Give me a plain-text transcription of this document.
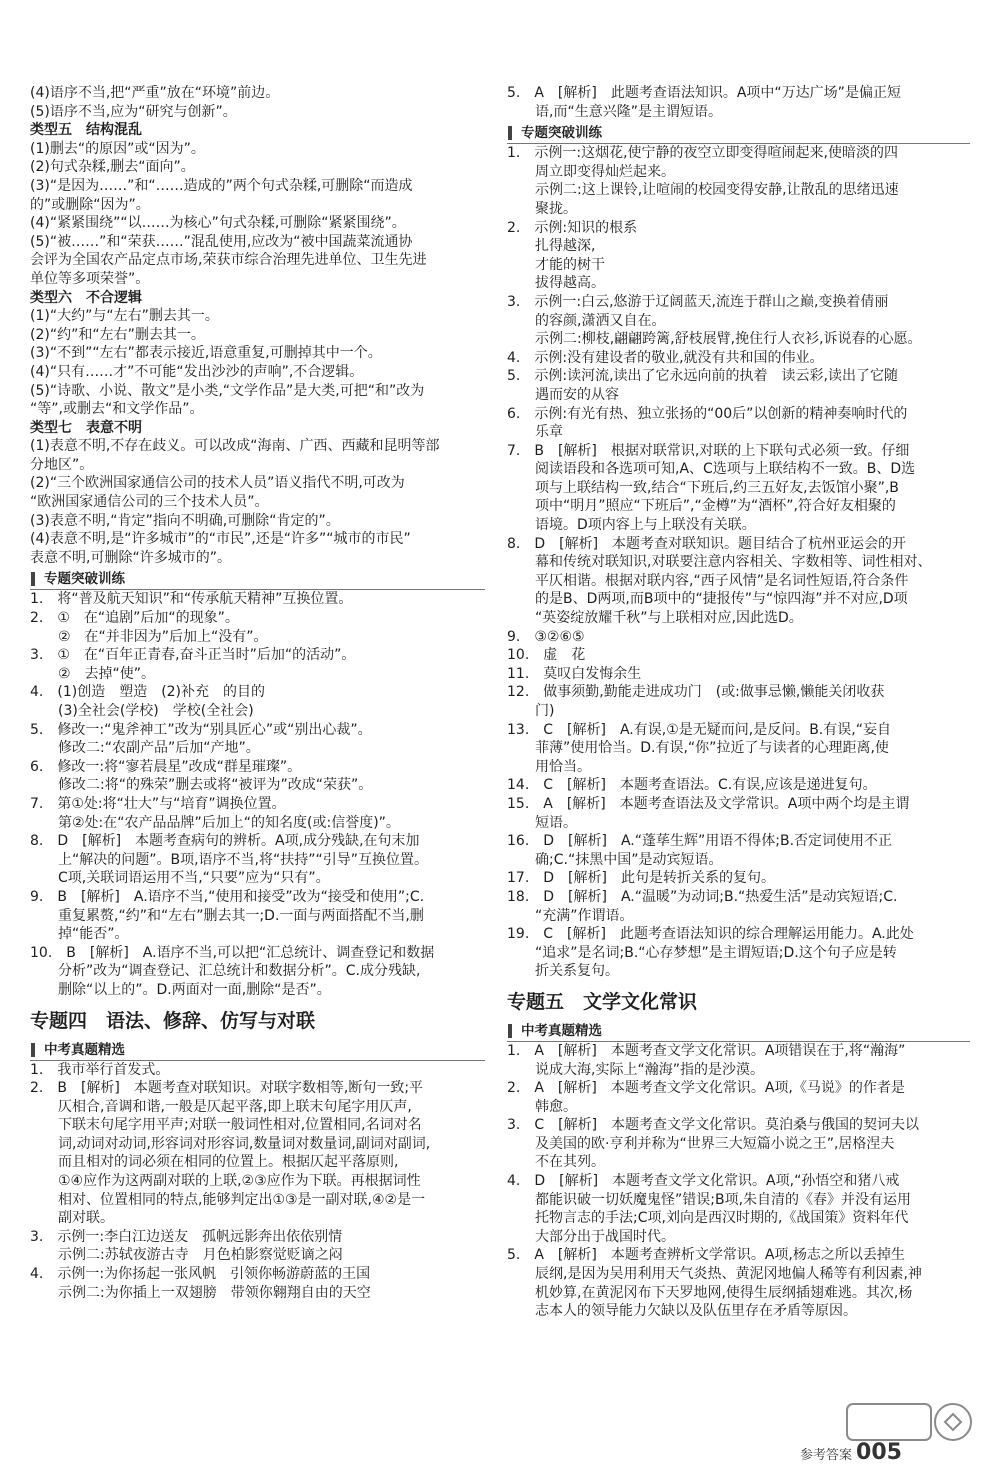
(4)语序不当,把“严重”放在“环境”前边。
(5)语序不当,应为“研究与创新”。
类型五　结构混乱
(1)删去“的原因”或“因为”。
(2)句式杂糅,删去“面向”。
(3)“是因为……”和“……造成的”两个句式杂糅,可删除“而造成
的”或删除“因为”。
(4)“紧紧围绕”“以……为核心”句式杂糅,可删除“紧紧围绕”。
(5)“被……”和“荣获……”混乱使用,应改为“被中国蔬菜流通协
会评为全国农产品定点市场,荣获市综合治理先进单位、卫生先进
单位等多项荣誉”。
类型六　不合逻辑
(1)“大约”与“左右”删去其一。
(2)“约”和“左右”删去其一。
(3)“不到”“左右”都表示接近,语意重复,可删掉其中一个。
(4)“只有……才”不可能“发出沙沙的声响”,不合逻辑。
(5)“诗歌、小说、散文”是小类,“文学作品”是大类,可把“和”改为
“等”,或删去“和文学作品”。
类型七　表意不明
(1)表意不明,不存在歧义。可以改成“海南、广西、西藏和昆明等部
分地区”。
(2)“三个欧洲国家通信公司的技术人员”语义指代不明,可改为
“欧洲国家通信公司的三个技术人员”。
(3)表意不明,“肯定”指向不明确,可删除“肯定的”。
(4)表意不明,是“许多城市”的“市民”,还是“许多”“城市的市民”
表意不明,可删除“许多城市的”。
专题突破训练
1.　将“普及航天知识”和“传承航天精神”互换位置。
2.　①　在“追剧”后加“的现象”。
　　②　在“并非因为”后加上“没有”。
3.　①　在“百年正青春,奋斗正当时”后加“的活动”。
　　②　去掉“使”。
4.　(1)创造　塑造　(2)补充　的目的
　　(3)全社会(学校)　学校(全社会)
5.　修改一:“鬼斧神工”改为“别具匠心”或“别出心裁”。
　　修改二:“农副产品”后加“产地”。
6.　修改一:将“寥若晨星”改成“群星璀璨”。
　　修改二:将“的殊荣”删去或将“被评为”改成“荣获”。
7.　第①处:将“壮大”与“培育”调换位置。
　　第②处:在“农产品品牌”后加上“的知名度(或:信誉度)”。
8.　D　[解析]　本题考查病句的辨析。A项,成分残缺,在句末加
　　上“解决的问题”。B项,语序不当,将“扶持”“引导”互换位置。
　　C项,关联词语运用不当,“只要”应为“只有”。
9.　B　[解析]　A.语序不当,“使用和接受”改为“接受和使用”;C.
　　重复累赘,“约”和“左右”删去其一;D.一面与两面搭配不当,删
　　掉“能否”。
10.　B　[解析]　A.语序不当,可以把“汇总统计、调查登记和数据
　　分析”改为“调查登记、汇总统计和数据分析”。C.成分残缺,
　　删除“以上的”。D.两面对一面,删除“是否”。
专题四　语法、修辞、仿写与对联
中考真题精选
1.　我市举行首发式。
2.　B　[解析]　本题考查对联知识。对联字数相等,断句一致;平
　　仄相合,音调和谐,一般是仄起平落,即上联末句尾字用仄声,
　　下联末句尾字用平声;对联一般词性相对,位置相同,名词对名
　　词,动词对动词,形容词对形容词,数量词对数量词,副词对副词,
　　而且相对的词必须在相同的位置上。根据仄起平落原则,
　　①④应作为这两副对联的上联,②③应作为下联。再根据词性
　　相对、位置相同的特点,能够判定出①③是一副对联,④②是一
　　副对联。
3.　示例一:李白江边送友　孤帆远影奔出依依别情
　　示例二:苏轼夜游古寺　月色柏影察觉贬谪之闷
4.　示例一:为你扬起一张风帆　引领你畅游蔚蓝的王国
　　示例二:为你插上一双翅膀　带领你翱翔自由的天空
5.　A　[解析]　此题考查语法知识。A项中“万达广场”是偏正短
　　语,而“生意兴隆”是主谓短语。
专题突破训练
1.　示例一:这烟花,使宁静的夜空立即变得喧闹起来,使暗淡的四
　　周立即变得灿烂起来。
　　示例二:这上课铃,让喧闹的校园变得安静,让散乱的思绪迅速
　　聚拢。
2.　示例:知识的根系
　　扎得越深,
　　才能的树干
　　拔得越高。
3.　示例一:白云,悠游于辽阔蓝天,流连于群山之巅,变换着倩丽
　　的容颜,潇洒又自在。
　　示例二:柳枝,翩翩跨篱,舒枝展臂,挽住行人衣衫,诉说春的心愿。
4.　示例:没有建设者的敬业,就没有共和国的伟业。
5.　示例:读河流,读出了它永远向前的执着　读云彩,读出了它随
　　遇而安的从容
6.　示例:有光有热、独立张扬的“00后”以创新的精神奏响时代的
　　乐章
7.　B　[解析]　根据对联常识,对联的上下联句式必须一致。仔细
　　阅读语段和各选项可知,A、C选项与上联结构不一致。B、D选
　　项与上联结构一致,结合“下班后,约三五好友,去饭馆小聚”,B
　　项中“明月”照应“下班后”,“金樽”为“酒杯”,符合好友相聚的
　　语境。D项内容上与上联没有关联。
8.　D　[解析]　本题考查对联知识。题目结合了杭州亚运会的开
　　幕和传统对联知识,对联要注意内容相关、字数相等、词性相对、
　　平仄相谐。根据对联内容,“西子风情”是名词性短语,符合条件
　　的是B、D两项,而B项中的“捷报传”与“惊四海”并不对应,D项
　　“英姿绽放耀千秋”与上联相对应,因此选D。
9.　③②⑥⑤
10.　虚　花
11.　莫叹白发悔余生
12.　做事须勤,勤能走进成功门　(或:做事忌懒,懒能关闭收获
　　门)
13.　C　[解析]　A.有误,①是无疑而问,是反问。B.有误,“妄自
　　菲薄”使用恰当。D.有误,“你”拉近了与读者的心理距离,使
　　用恰当。
14.　C　[解析]　本题考查语法。C.有误,应该是递进复句。
15.　A　[解析]　本题考查语法及文学常识。A项中两个均是主谓
　　短语。
16.　D　[解析]　A.“蓬荜生辉”用语不得体;B.否定词使用不正
　　确;C.“抹黑中国”是动宾短语。
17.　D　[解析]　此句是转折关系的复句。
18.　D　[解析]　A.“温暖”为动词;B.“热爱生活”是动宾短语;C.
　　“充满”作谓语。
19.　C　[解析]　此题考查语法知识的综合理解运用能力。A.此处
　　“追求”是名词;B.“心存梦想”是主谓短语;D.这个句子应是转
　　折关系复句。
专题五　文学文化常识
中考真题精选
1.　A　[解析]　本题考查文学文化常识。A项错误在于,将“瀚海”
　　说成大海,实际上“瀚海”指的是沙漠。
2.　A　[解析]　本题考查文学文化常识。A项,《马说》的作者是
　　韩愈。
3.　C　[解析]　本题考查文学文化常识。莫泊桑与俄国的契诃夫以
　　及美国的欧·亨利并称为“世界三大短篇小说之王”,居格涅夫
　　不在其列。
4.　D　[解析]　本题考查文学文化常识。A项,“孙悟空和猪八戒
　　都能识破一切妖魔鬼怪”错误;B项,朱自清的《春》并没有运用
　　托物言志的手法;C项,刘向是西汉时期的,《战国策》资料年代
　　大部分出于战国时代。
5.　A　[解析]　本题考查辨析文学常识。A项,杨志之所以丢掉生
　　辰纲,是因为吴用利用天气炎热、黄泥冈地偏人稀等有利因素,神
　　机妙算,在黄泥冈布下天罗地网,使得生辰纲插翅难逃。其次,杨
　　志本人的领导能力欠缺以及队伍里存在矛盾等原因。
参考答案 005
